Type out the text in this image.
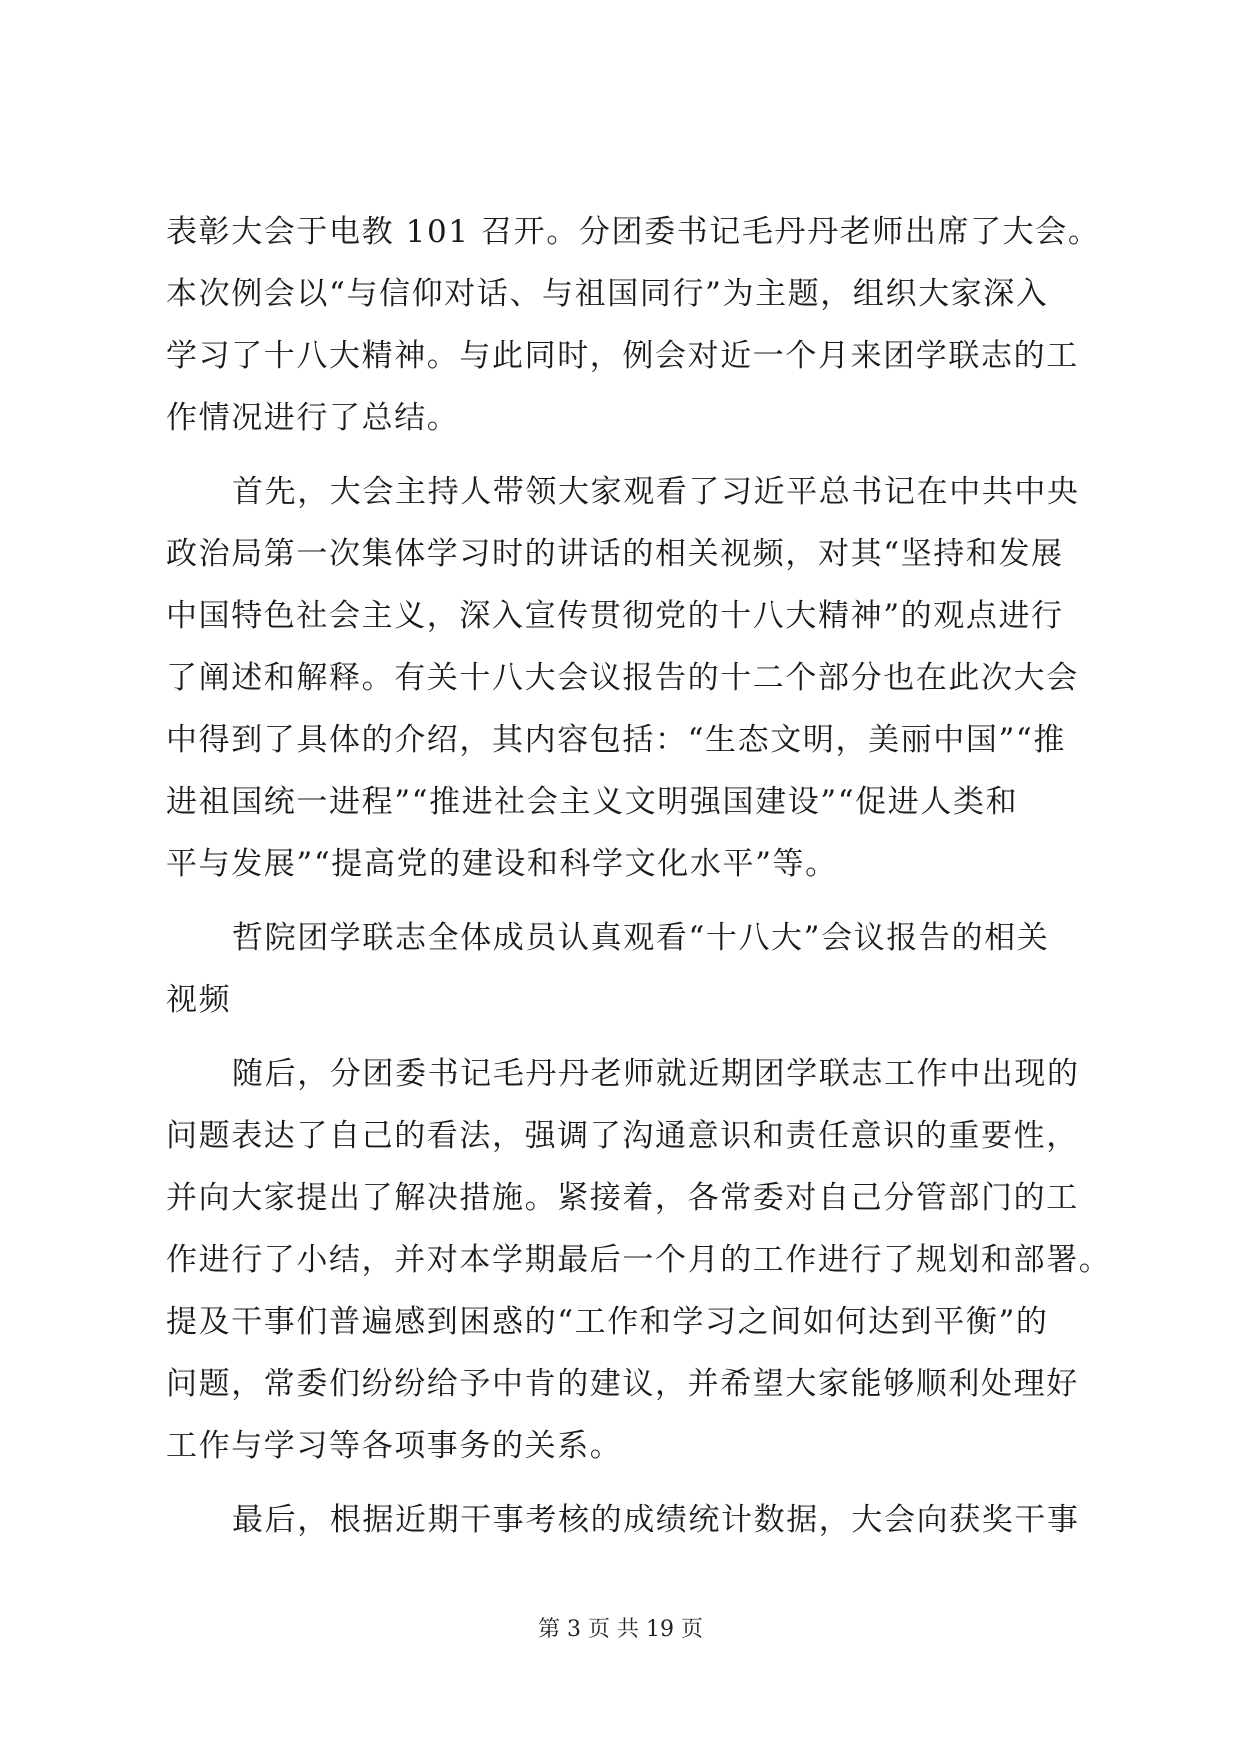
表彰大会于电教 101 召开。分团委书记毛丹丹老师出席了大会。
本次例会以“与信仰对话、与祖国同行”为主题，组织大家深入
学习了十八大精神。与此同时，例会对近一个月来团学联志的工
作情况进行了总结。
首先，大会主持人带领大家观看了习近平总书记在中共中央
政治局第一次集体学习时的讲话的相关视频，对其“坚持和发展
中国特色社会主义，深入宣传贯彻党的十八大精神”的观点进行
了阐述和解释。有关十八大会议报告的十二个部分也在此次大会
中得到了具体的介绍，其内容包括：“生态文明，美丽中国”“推
进祖国统一进程”“推进社会主义文明强国建设”“促进人类和
平与发展”“提高党的建设和科学文化水平”等。
哲院团学联志全体成员认真观看“十八大”会议报告的相关
视频
随后，分团委书记毛丹丹老师就近期团学联志工作中出现的
问题表达了自己的看法，强调了沟通意识和责任意识的重要性，
并向大家提出了解决措施。紧接着，各常委对自己分管部门的工
作进行了小结，并对本学期最后一个月的工作进行了规划和部署。
提及干事们普遍感到困惑的“工作和学习之间如何达到平衡”的
问题，常委们纷纷给予中肯的建议，并希望大家能够顺利处理好
工作与学习等各项事务的关系。
最后，根据近期干事考核的成绩统计数据，大会向获奖干事
第 3 页 共 19 页
